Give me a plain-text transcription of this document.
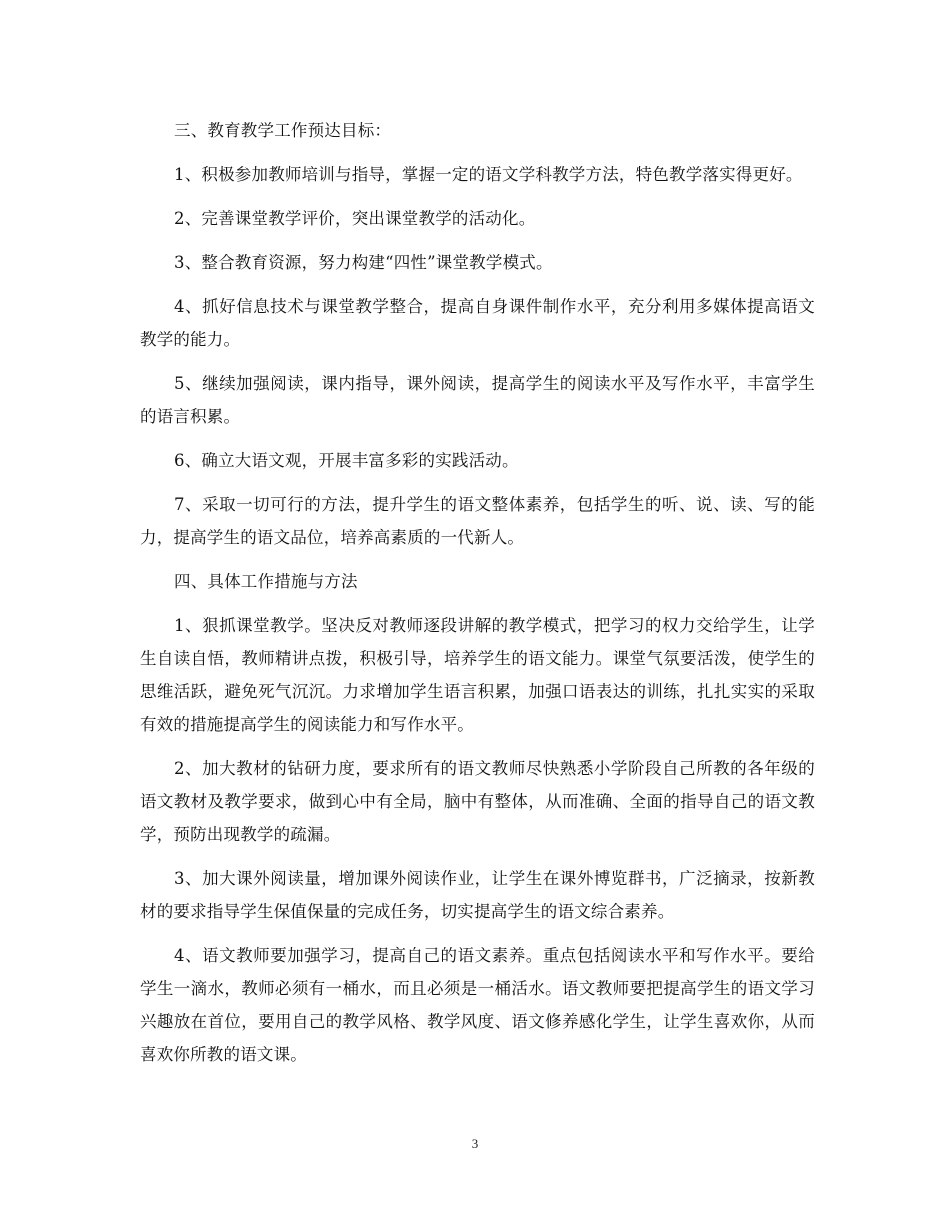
三、教育教学工作预达目标：

1、积极参加教师培训与指导，掌握一定的语文学科教学方法，特色教学落实得更好。

2、完善课堂教学评价，突出课堂教学的活动化。

3、整合教育资源，努力构建“四性”课堂教学模式。

4、抓好信息技术与课堂教学整合，提高自身课件制作水平，充分利用多媒体提高语文教学的能力。

5、继续加强阅读，课内指导，课外阅读，提高学生的阅读水平及写作水平，丰富学生的语言积累。

6、确立大语文观，开展丰富多彩的实践活动。

7、采取一切可行的方法，提升学生的语文整体素养，包括学生的听、说、读、写的能力，提高学生的语文品位，培养高素质的一代新人。

四、具体工作措施与方法

1、狠抓课堂教学。坚决反对教师逐段讲解的教学模式，把学习的权力交给学生，让学生自读自悟，教师精讲点拨，积极引导，培养学生的语文能力。课堂气氛要活泼，使学生的思维活跃，避免死气沉沉。力求增加学生语言积累，加强口语表达的训练，扎扎实实的采取有效的措施提高学生的阅读能力和写作水平。

2、加大教材的钻研力度，要求所有的语文教师尽快熟悉小学阶段自己所教的各年级的语文教材及教学要求，做到心中有全局，脑中有整体，从而准确、全面的指导自己的语文教学，预防出现教学的疏漏。

3、加大课外阅读量，增加课外阅读作业，让学生在课外博览群书，广泛摘录，按新教材的要求指导学生保值保量的完成任务，切实提高学生的语文综合素养。

4、语文教师要加强学习，提高自己的语文素养。重点包括阅读水平和写作水平。要给学生一滴水，教师必须有一桶水，而且必须是一桶活水。语文教师要把提高学生的语文学习兴趣放在首位，要用自己的教学风格、教学风度、语文修养感化学生，让学生喜欢你，从而喜欢你所教的语文课。

3
